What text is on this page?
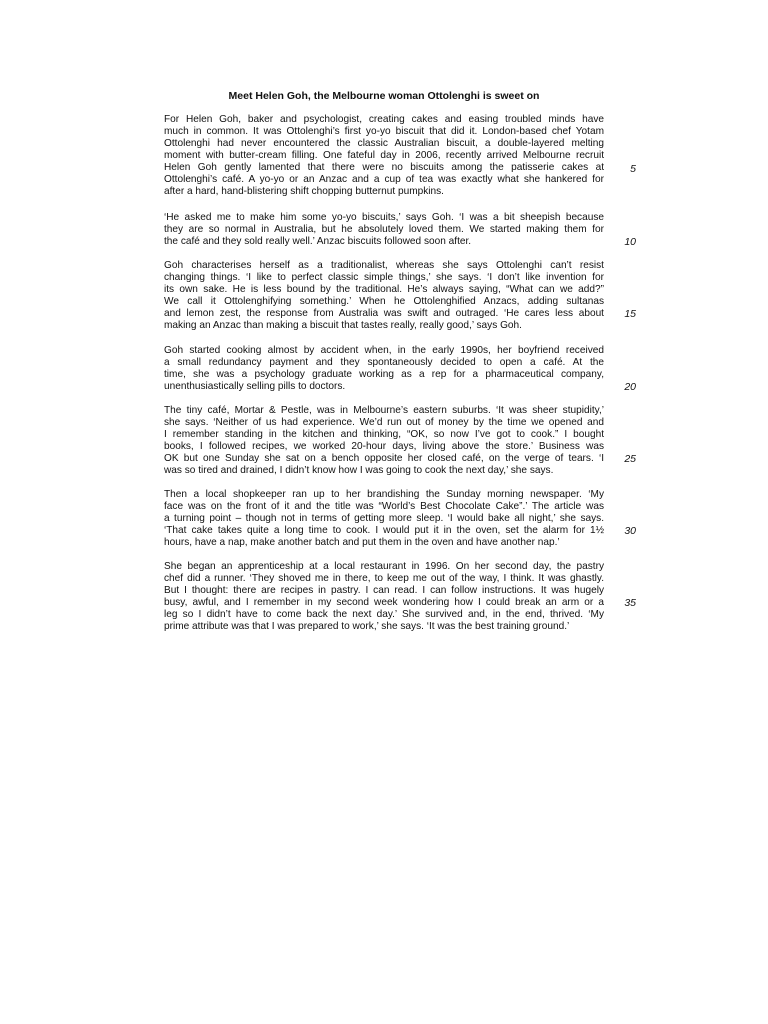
Meet Helen Goh, the Melbourne woman Ottolenghi is sweet on
For Helen Goh, baker and psychologist, creating cakes and easing troubled minds have
much in common. It was Ottolenghi’s first yo-yo biscuit that did it. London-based chef Yotam
Ottolenghi had never encountered the classic Australian biscuit, a double-layered melting
moment with butter-cream filling. One fateful day in 2006, recently arrived Melbourne recruit
Helen Goh gently lamented that there were no biscuits among the patisserie cakes at
Ottolenghi’s café. A yo-yo or an Anzac and a cup of tea was exactly what she hankered for
after a hard, hand-blistering shift chopping butternut pumpkins.
‘He asked me to make him some yo-yo biscuits,’ says Goh. ‘I was a bit sheepish because
they are so normal in Australia, but he absolutely loved them. We started making them for
the café and they sold really well.’ Anzac biscuits followed soon after.
Goh characterises herself as a traditionalist, whereas she says Ottolenghi can’t resist
changing things. ‘I like to perfect classic simple things,’ she says. ‘I don’t like invention for
its own sake. He is less bound by the traditional. He’s always saying, “What can we add?”
We call it Ottolenghifying something.’ When he Ottolenghified Anzacs, adding sultanas
and lemon zest, the response from Australia was swift and outraged. ‘He cares less about
making an Anzac than making a biscuit that tastes really, really good,’ says Goh.
Goh started cooking almost by accident when, in the early 1990s, her boyfriend received
a small redundancy payment and they spontaneously decided to open a café. At the
time, she was a psychology graduate working as a rep for a pharmaceutical company,
unenthusiastically selling pills to doctors.
The tiny café, Mortar & Pestle, was in Melbourne’s eastern suburbs. ‘It was sheer stupidity,’
she says. ‘Neither of us had experience. We’d run out of money by the time we opened and
I remember standing in the kitchen and thinking, “OK, so now I’ve got to cook.” I bought
books, I followed recipes, we worked 20-hour days, living above the store.’ Business was
OK but one Sunday she sat on a bench opposite her closed café, on the verge of tears. ‘I
was so tired and drained, I didn’t know how I was going to cook the next day,’ she says.
Then a local shopkeeper ran up to her brandishing the Sunday morning newspaper. ‘My
face was on the front of it and the title was “World’s Best Chocolate Cake”.’ The article was
a turning point – though not in terms of getting more sleep. ‘I would bake all night,’ she says.
‘That cake takes quite a long time to cook. I would put it in the oven, set the alarm for 1½
hours, have a nap, make another batch and put them in the oven and have another nap.’
She began an apprenticeship at a local restaurant in 1996. On her second day, the pastry
chef did a runner. ‘They shoved me in there, to keep me out of the way, I think. It was ghastly.
But I thought: there are recipes in pastry. I can read. I can follow instructions. It was hugely
busy, awful, and I remember in my second week wondering how I could break an arm or a
leg so I didn’t have to come back the next day.’ She survived and, in the end, thrived. ‘My
prime attribute was that I was prepared to work,’ she says. ‘It was the best training ground.’
5
10
15
20
25
30
35
